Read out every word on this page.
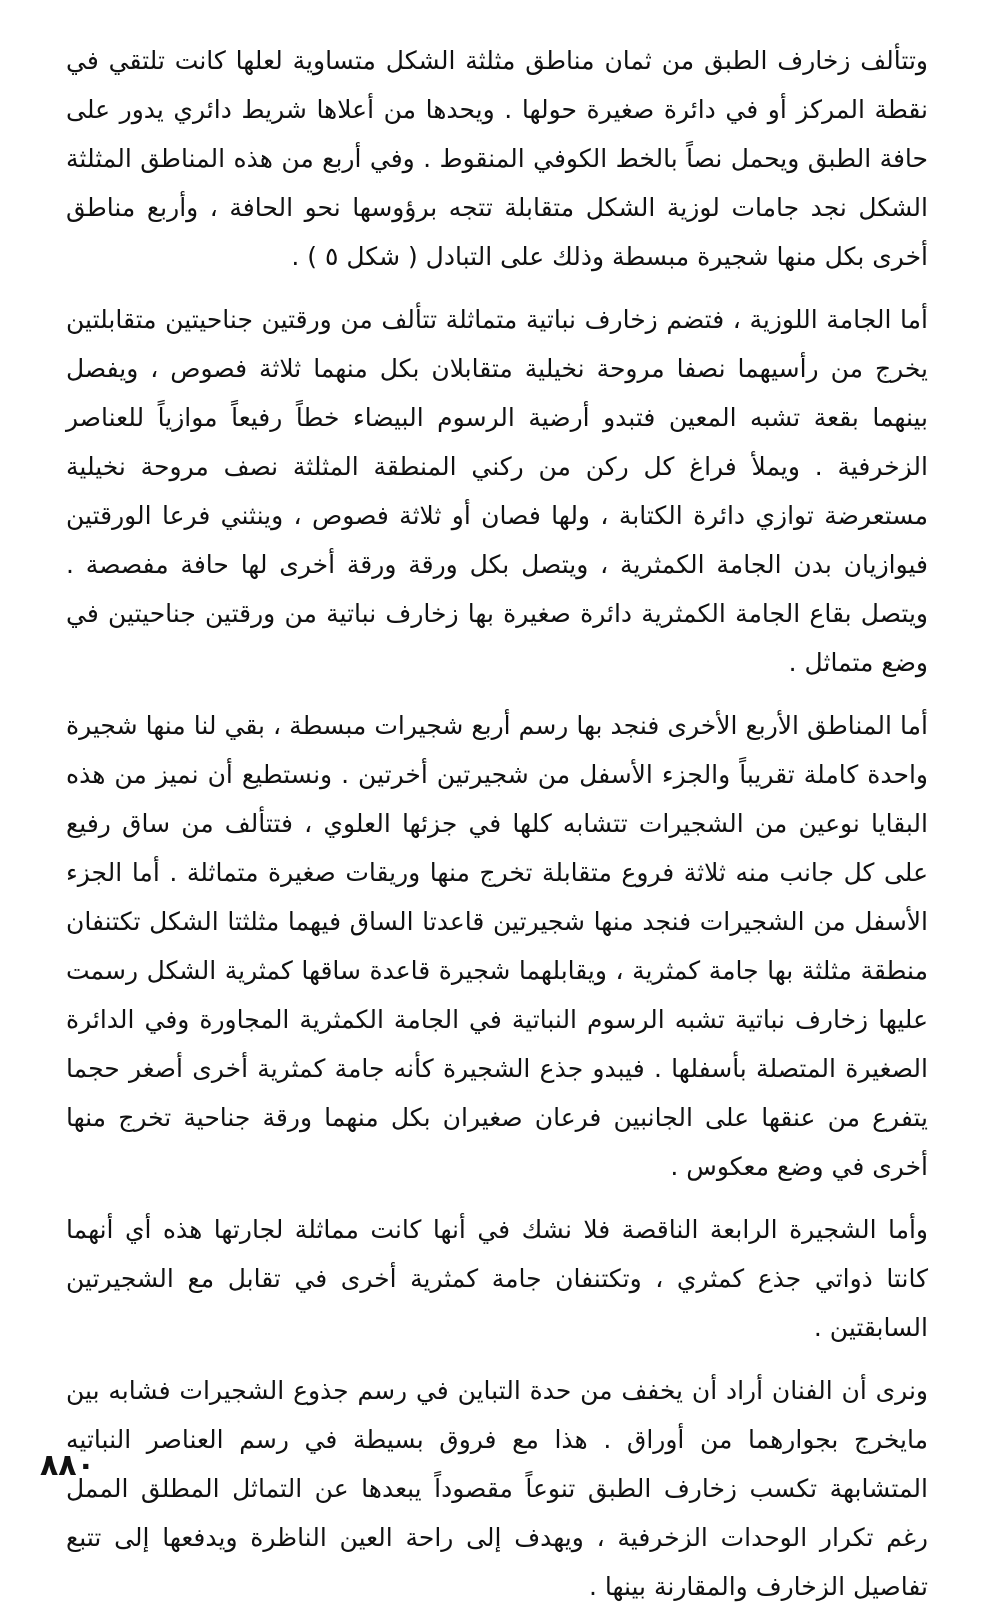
وتتألف زخارف الطبق من ثمان مناطق مثلثة الشكل متساوية لعلها كانت تلتقي في نقطة المركز أو في دائرة صغيرة حولها . ويحدها من أعلاها شريط دائري يدور على حافة الطبق ويحمل نصاً بالخط الكوفي المنقوط . وفي أربع من هذه المناطق المثلثة الشكل نجد جامات لوزية الشكل متقابلة تتجه برؤوسها نحو الحافة ، وأربع مناطق أخرى بكل منها شجيرة مبسطة وذلك على التبادل ( شكل ٥ ) .

أما الجامة اللوزية ، فتضم زخارف نباتية متماثلة تتألف من ورقتين جناحيتين متقابلتين يخرج من رأسيهما نصفا مروحة نخيلية متقابلان بكل منهما ثلاثة فصوص ، ويفصل بينهما بقعة تشبه المعين فتبدو أرضية الرسوم البيضاء خطاً رفيعاً موازياً للعناصر الزخرفية . ويملأ فراغ كل ركن من ركني المنطقة المثلثة نصف مروحة نخيلية مستعرضة توازي دائرة الكتابة ، ولها فصان أو ثلاثة فصوص ، وينثني فرعا الورقتين فيوازيان بدن الجامة الكمثرية ، ويتصل بكل ورقة ورقة أخرى لها حافة مفصصة . ويتصل بقاع الجامة الكمثرية دائرة صغيرة بها زخارف نباتية من ورقتين جناحيتين في وضع متماثل .

أما المناطق الأربع الأخرى فنجد بها رسم أربع شجيرات مبسطة ، بقي لنا منها شجيرة واحدة كاملة تقريباً والجزء الأسفل من شجيرتين أخرتين . ونستطيع أن نميز من هذه البقايا نوعين من الشجيرات تتشابه كلها في جزئها العلوي ، فتتألف من ساق رفيع على كل جانب منه ثلاثة فروع متقابلة تخرج منها وريقات صغيرة متماثلة . أما الجزء الأسفل من الشجيرات فنجد منها شجيرتين قاعدتا الساق فيهما مثلثتا الشكل تكتنفان منطقة مثلثة بها جامة كمثرية ، ويقابلهما شجيرة قاعدة ساقها كمثرية الشكل رسمت عليها زخارف نباتية تشبه الرسوم النباتية في الجامة الكمثرية المجاورة وفي الدائرة الصغيرة المتصلة بأسفلها . فيبدو جذع الشجيرة كأنه جامة كمثرية أخرى أصغر حجما يتفرع من عنقها على الجانبين فرعان صغيران بكل منهما ورقة جناحية تخرج منها أخرى في وضع معكوس .

وأما الشجيرة الرابعة الناقصة فلا نشك في أنها كانت مماثلة لجارتها هذه أي أنهما كانتا ذواتي جذع كمثري ، وتكتنفان جامة كمثرية أخرى في تقابل مع الشجيرتين السابقتين .

ونرى أن الفنان أراد أن يخفف من حدة التباين في رسم جذوع الشجيرات فشابه بين مايخرج بجوارهما من أوراق . هذا مع فروق بسيطة في رسم العناصر النباتيه المتشابهة تكسب زخارف الطبق تنوعاً مقصوداً يبعدها عن التماثل المطلق الممل رغم تكرار الوحدات الزخرفية ، ويهدف إلى راحة العين الناظرة ويدفعها إلى تتبع تفاصيل الزخارف والمقارنة بينها .

٨٨٠
